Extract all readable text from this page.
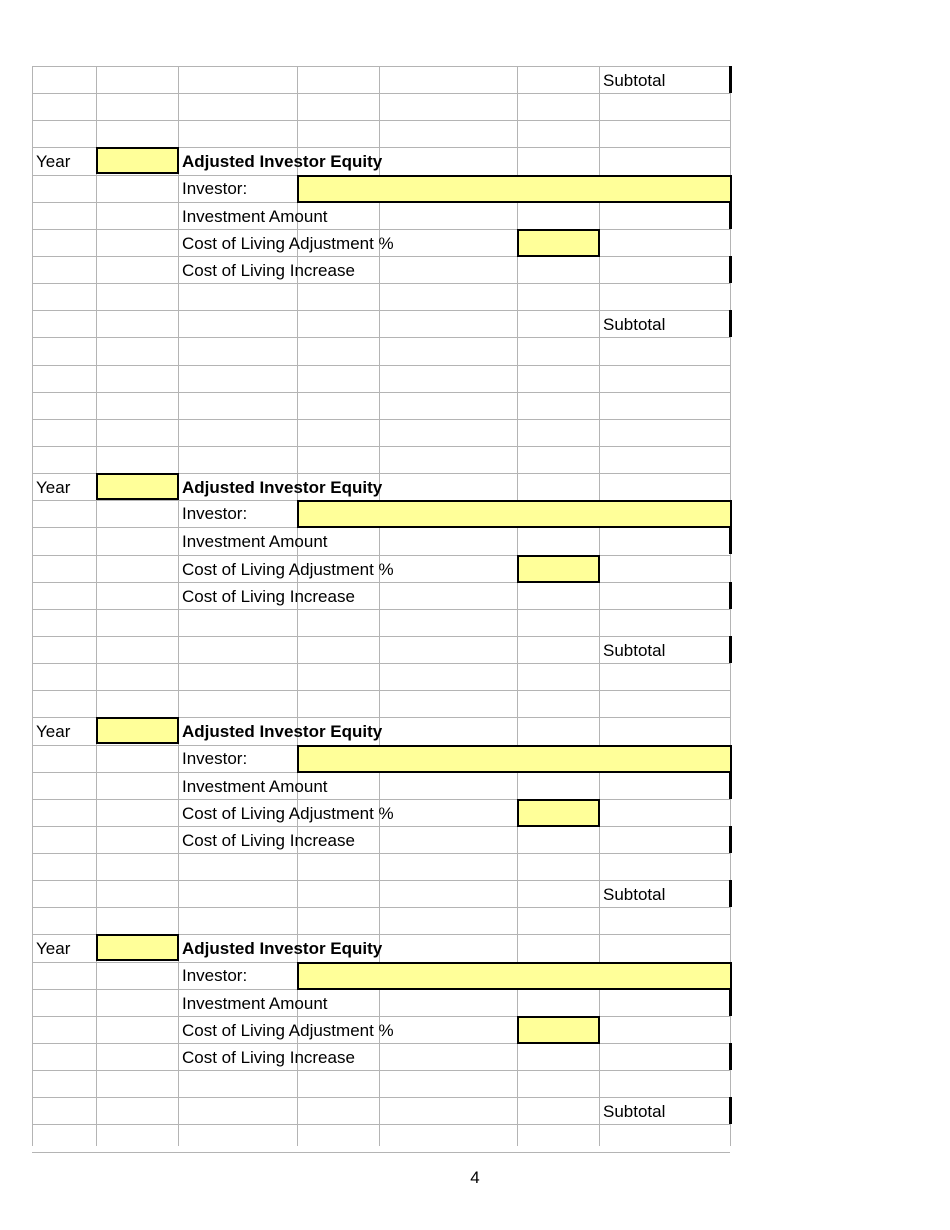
Subtotal
Subtotal
Subtotal
Subtotal
Subtotal
Year	Adjusted Investor Equity
Investor:
Investment Amount
Cost of Living Adjustment %
Cost of Living Increase
Year	Adjusted Investor Equity
Investor:
Investment Amount
Cost of Living Adjustment %
Cost of Living Increase
Year	Adjusted Investor Equity
Investor:
Investment Amount
Cost of Living Adjustment %
Cost of Living Increase
Year	Adjusted Investor Equity
Investor:
Investment Amount
Cost of Living Adjustment %
Cost of Living Increase
4
